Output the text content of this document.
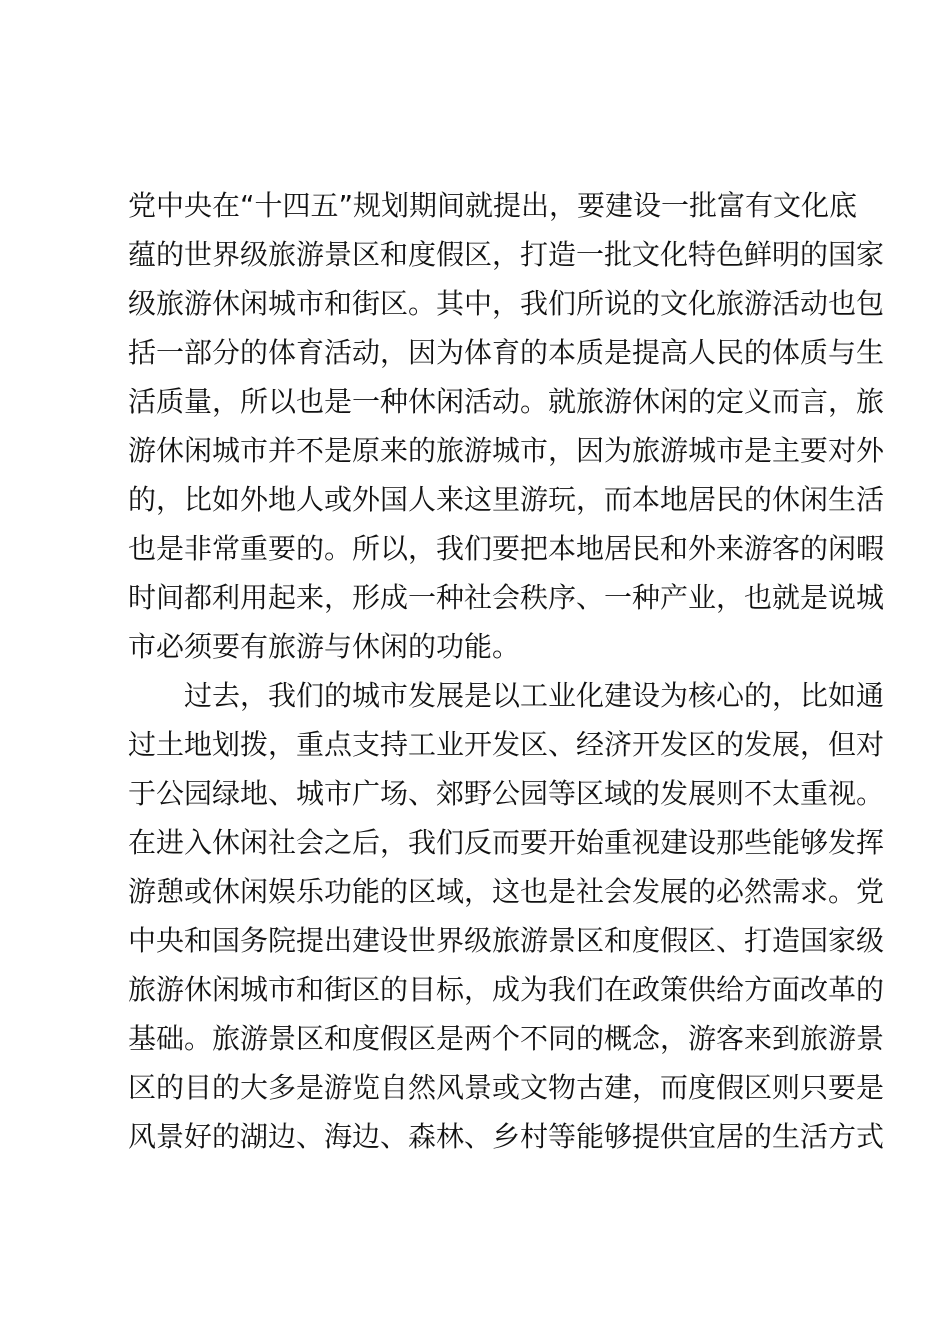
党中央在“十四五”规划期间就提出，要建设一批富有文化底
蕴的世界级旅游景区和度假区，打造一批文化特色鲜明的国家
级旅游休闲城市和街区。其中，我们所说的文化旅游活动也包
括一部分的体育活动，因为体育的本质是提高人民的体质与生
活质量，所以也是一种休闲活动。就旅游休闲的定义而言，旅
游休闲城市并不是原来的旅游城市，因为旅游城市是主要对外
的，比如外地人或外国人来这里游玩，而本地居民的休闲生活
也是非常重要的。所以，我们要把本地居民和外来游客的闲暇
时间都利用起来，形成一种社会秩序、一种产业，也就是说城
市必须要有旅游与休闲的功能。
过去，我们的城市发展是以工业化建设为核心的，比如通
过土地划拨，重点支持工业开发区、经济开发区的发展，但对
于公园绿地、城市广场、郊野公园等区域的发展则不太重视。
在进入休闲社会之后，我们反而要开始重视建设那些能够发挥
游憩或休闲娱乐功能的区域，这也是社会发展的必然需求。党
中央和国务院提出建设世界级旅游景区和度假区、打造国家级
旅游休闲城市和街区的目标，成为我们在政策供给方面改革的
基础。旅游景区和度假区是两个不同的概念，游客来到旅游景
区的目的大多是游览自然风景或文物古建，而度假区则只要是
风景好的湖边、海边、森林、乡村等能够提供宜居的生活方式
